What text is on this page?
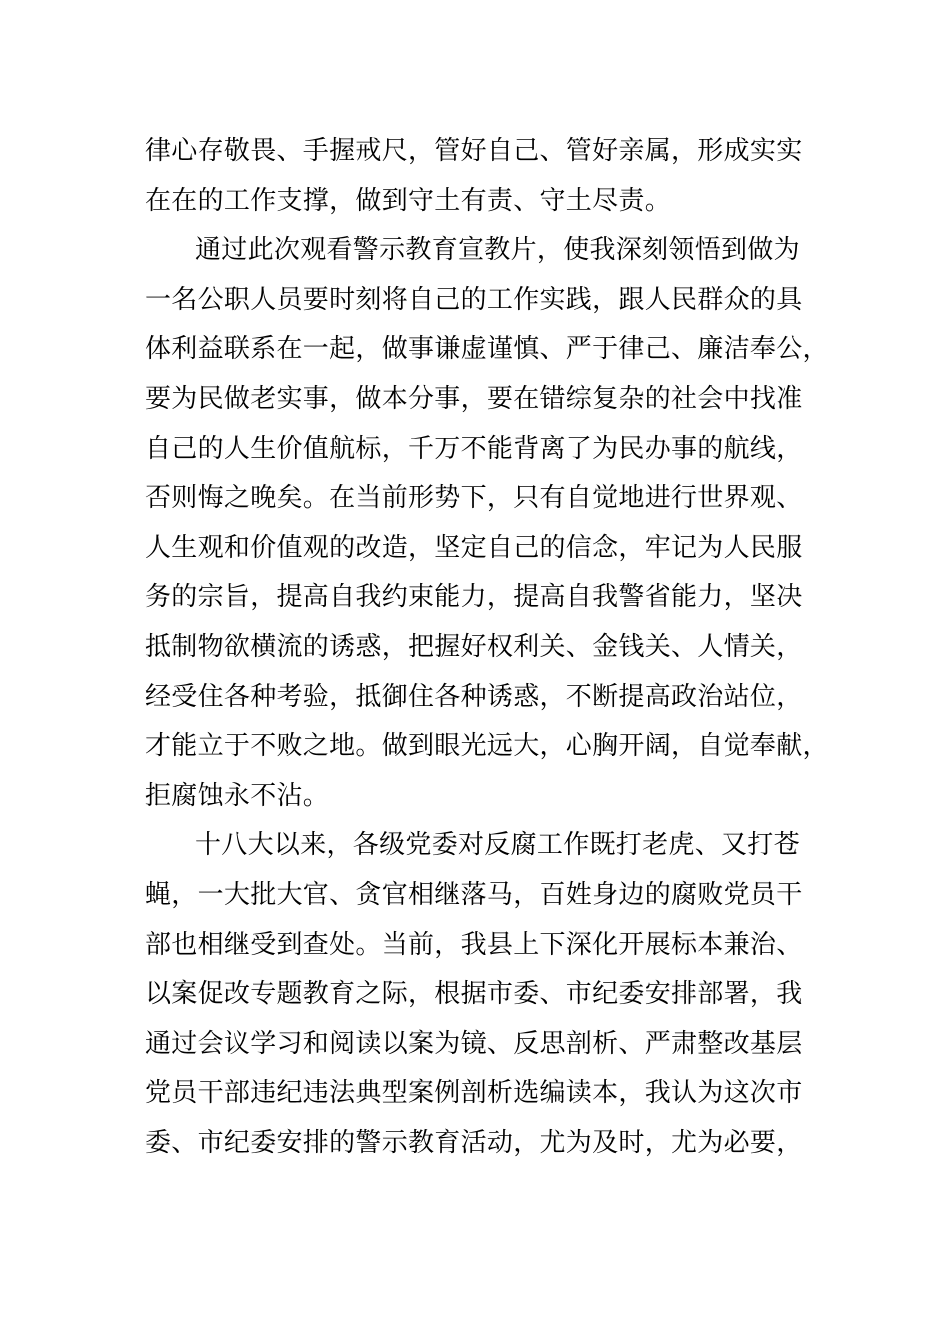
律心存敬畏、手握戒尺，管好自己、管好亲属，形成实实
在在的工作支撑，做到守土有责、守土尽责。
通过此次观看警示教育宣教片，使我深刻领悟到做为
一名公职人员要时刻将自己的工作实践，跟人民群众的具
体利益联系在一起，做事谦虚谨慎、严于律己、廉洁奉公，
要为民做老实事，做本分事，要在错综复杂的社会中找准
自己的人生价值航标，千万不能背离了为民办事的航线，
否则悔之晚矣。在当前形势下，只有自觉地进行世界观、
人生观和价值观的改造，坚定自己的信念，牢记为人民服
务的宗旨，提高自我约束能力，提高自我警省能力，坚决
抵制物欲横流的诱惑，把握好权利关、金钱关、人情关，
经受住各种考验，抵御住各种诱惑，不断提高政治站位，
才能立于不败之地。做到眼光远大，心胸开阔，自觉奉献，
拒腐蚀永不沾。
十八大以来，各级党委对反腐工作既打老虎、又打苍
蝇，一大批大官、贪官相继落马，百姓身边的腐败党员干
部也相继受到查处。当前，我县上下深化开展标本兼治、
以案促改专题教育之际，根据市委、市纪委安排部署，我
通过会议学习和阅读以案为镜、反思剖析、严肃整改基层
党员干部违纪违法典型案例剖析选编读本，我认为这次市
委、市纪委安排的警示教育活动，尤为及时，尤为必要，
